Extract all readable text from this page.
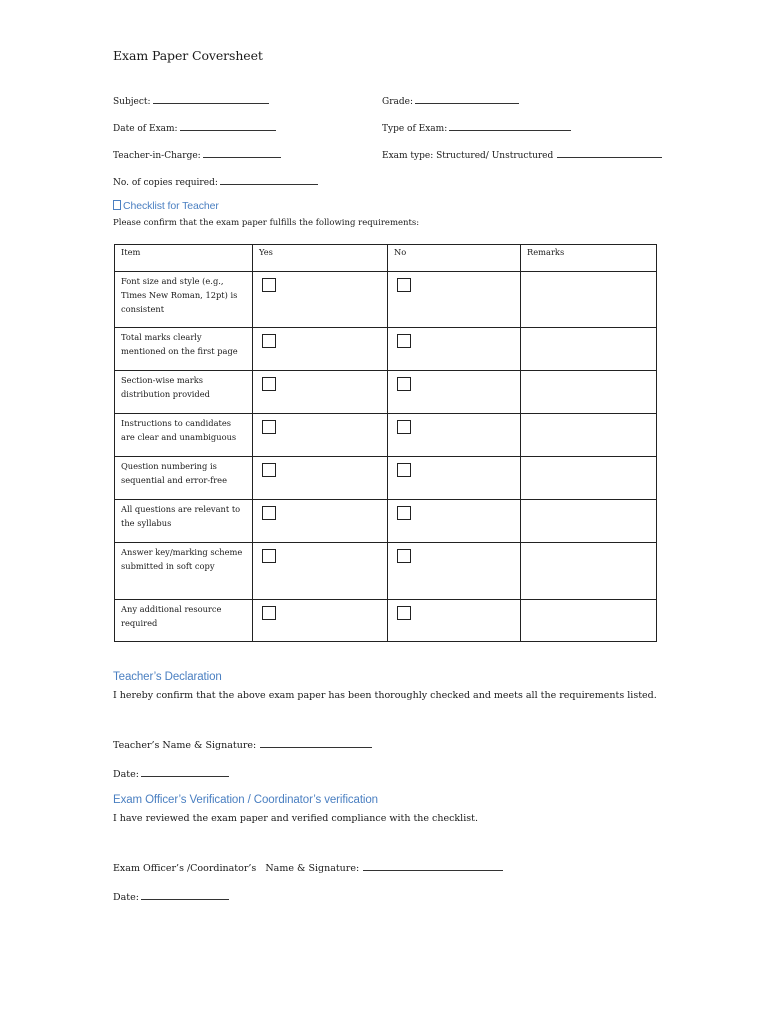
Exam Paper Coversheet
Subject:	Grade:
Date of Exam:	Type of Exam:
Teacher-in-Charge:	Exam type: Structured/ Unstructured
No. of copies required:
Checklist for Teacher
Please confirm that the exam paper fulfills the following requirements:
Item	Yes	No	Remarks
Font size and style (e.g., Times New Roman, 12pt) is consistent			
Total marks clearly mentioned on the first page			
Section-wise marks distribution provided			
Instructions to candidates are clear and unambiguous			
Question numbering is sequential and error-free			
All questions are relevant to the syllabus			
Answer key/marking scheme submitted in soft copy			
Any additional resource required			
Teacher’s Declaration
I hereby confirm that the above exam paper has been thoroughly checked and meets all the requirements listed.
Teacher’s Name & Signature:
Date:
Exam Officer’s Verification / Coordinator’s verification
I have reviewed the exam paper and verified compliance with the checklist.
Exam Officer’s /Coordinator’s   Name & Signature:
Date:
